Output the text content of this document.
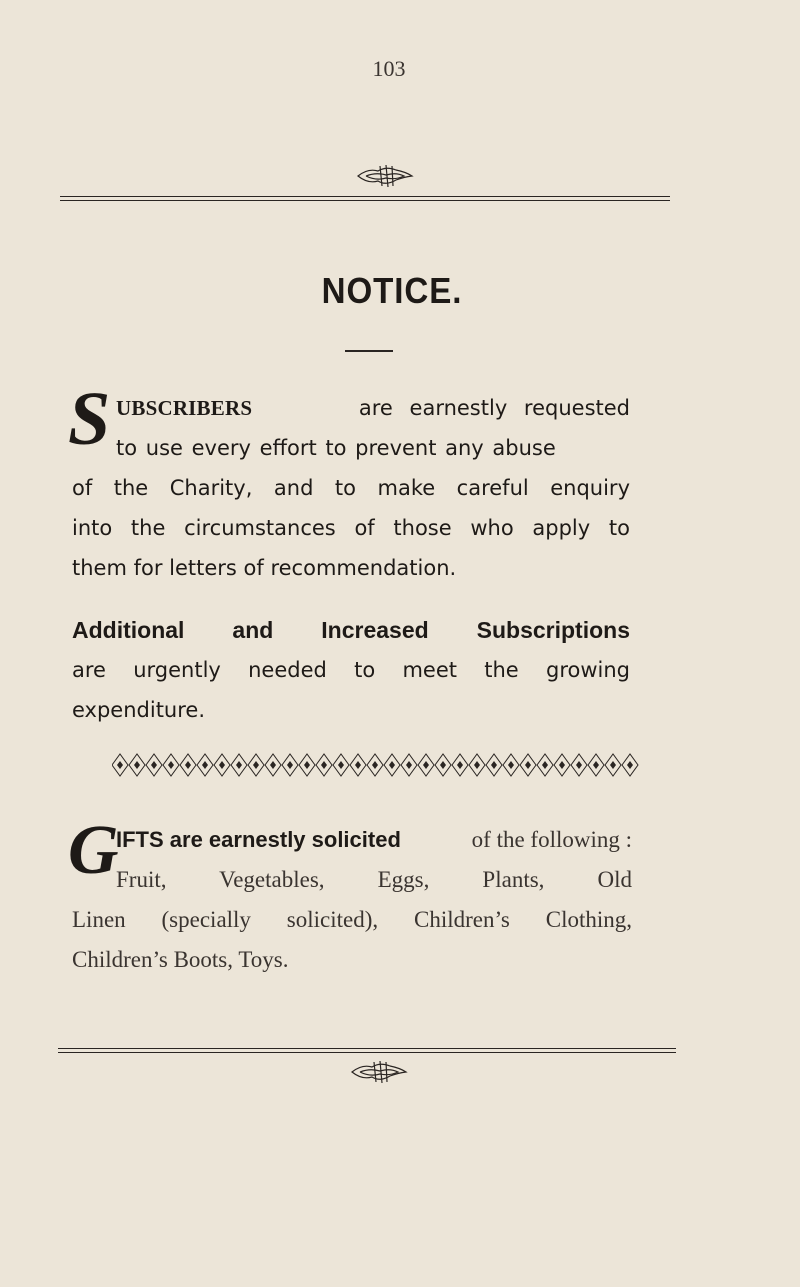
103
NOTICE.
S UBSCRIBERS	are earnestly requested
to use every effort to prevent any abuse
of the Charity, and to make careful enquiry
into the circumstances of those who apply to
them for letters of recommendation.
Additional and Increased Subscriptions
are urgently needed to meet the growing
expenditure.
G
IFTS are earnestly solicited	of the following :
Fruit, Vegetables, Eggs, Plants, Old
Linen (specially solicited), Children’s Clothing,
Children’s Boots, Toys.
